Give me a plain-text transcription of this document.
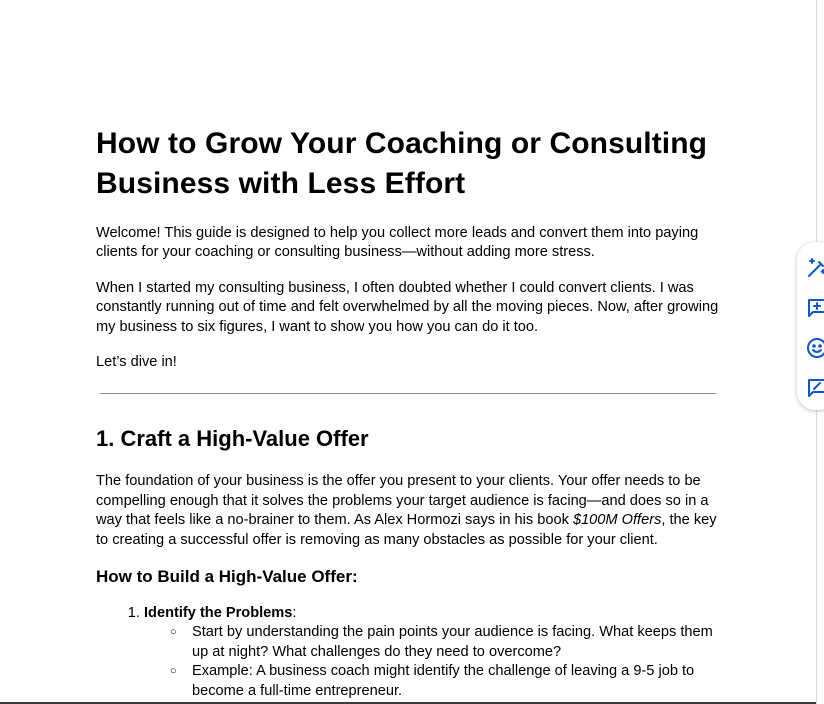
How to Grow Your Coaching or Consulting Business with Less Effort

Welcome! This guide is designed to help you collect more leads and convert them into paying clients for your coaching or consulting business—without adding more stress.

When I started my consulting business, I often doubted whether I could convert clients. I was constantly running out of time and felt overwhelmed by all the moving pieces. Now, after growing my business to six figures, I want to show you how you can do it too.

Let’s dive in!

1. Craft a High-Value Offer

The foundation of your business is the offer you present to your clients. Your offer needs to be compelling enough that it solves the problems your target audience is facing—and does so in a way that feels like a no-brainer to them. As Alex Hormozi says in his book $100M Offers, the key to creating a successful offer is removing as many obstacles as possible for your client.

How to Build a High-Value Offer:
1. Identify the Problems:
○ Start by understanding the pain points your audience is facing. What keeps them up at night? What challenges do they need to overcome?
○ Example: A business coach might identify the challenge of leaving a 9-5 job to become a full-time entrepreneur.
